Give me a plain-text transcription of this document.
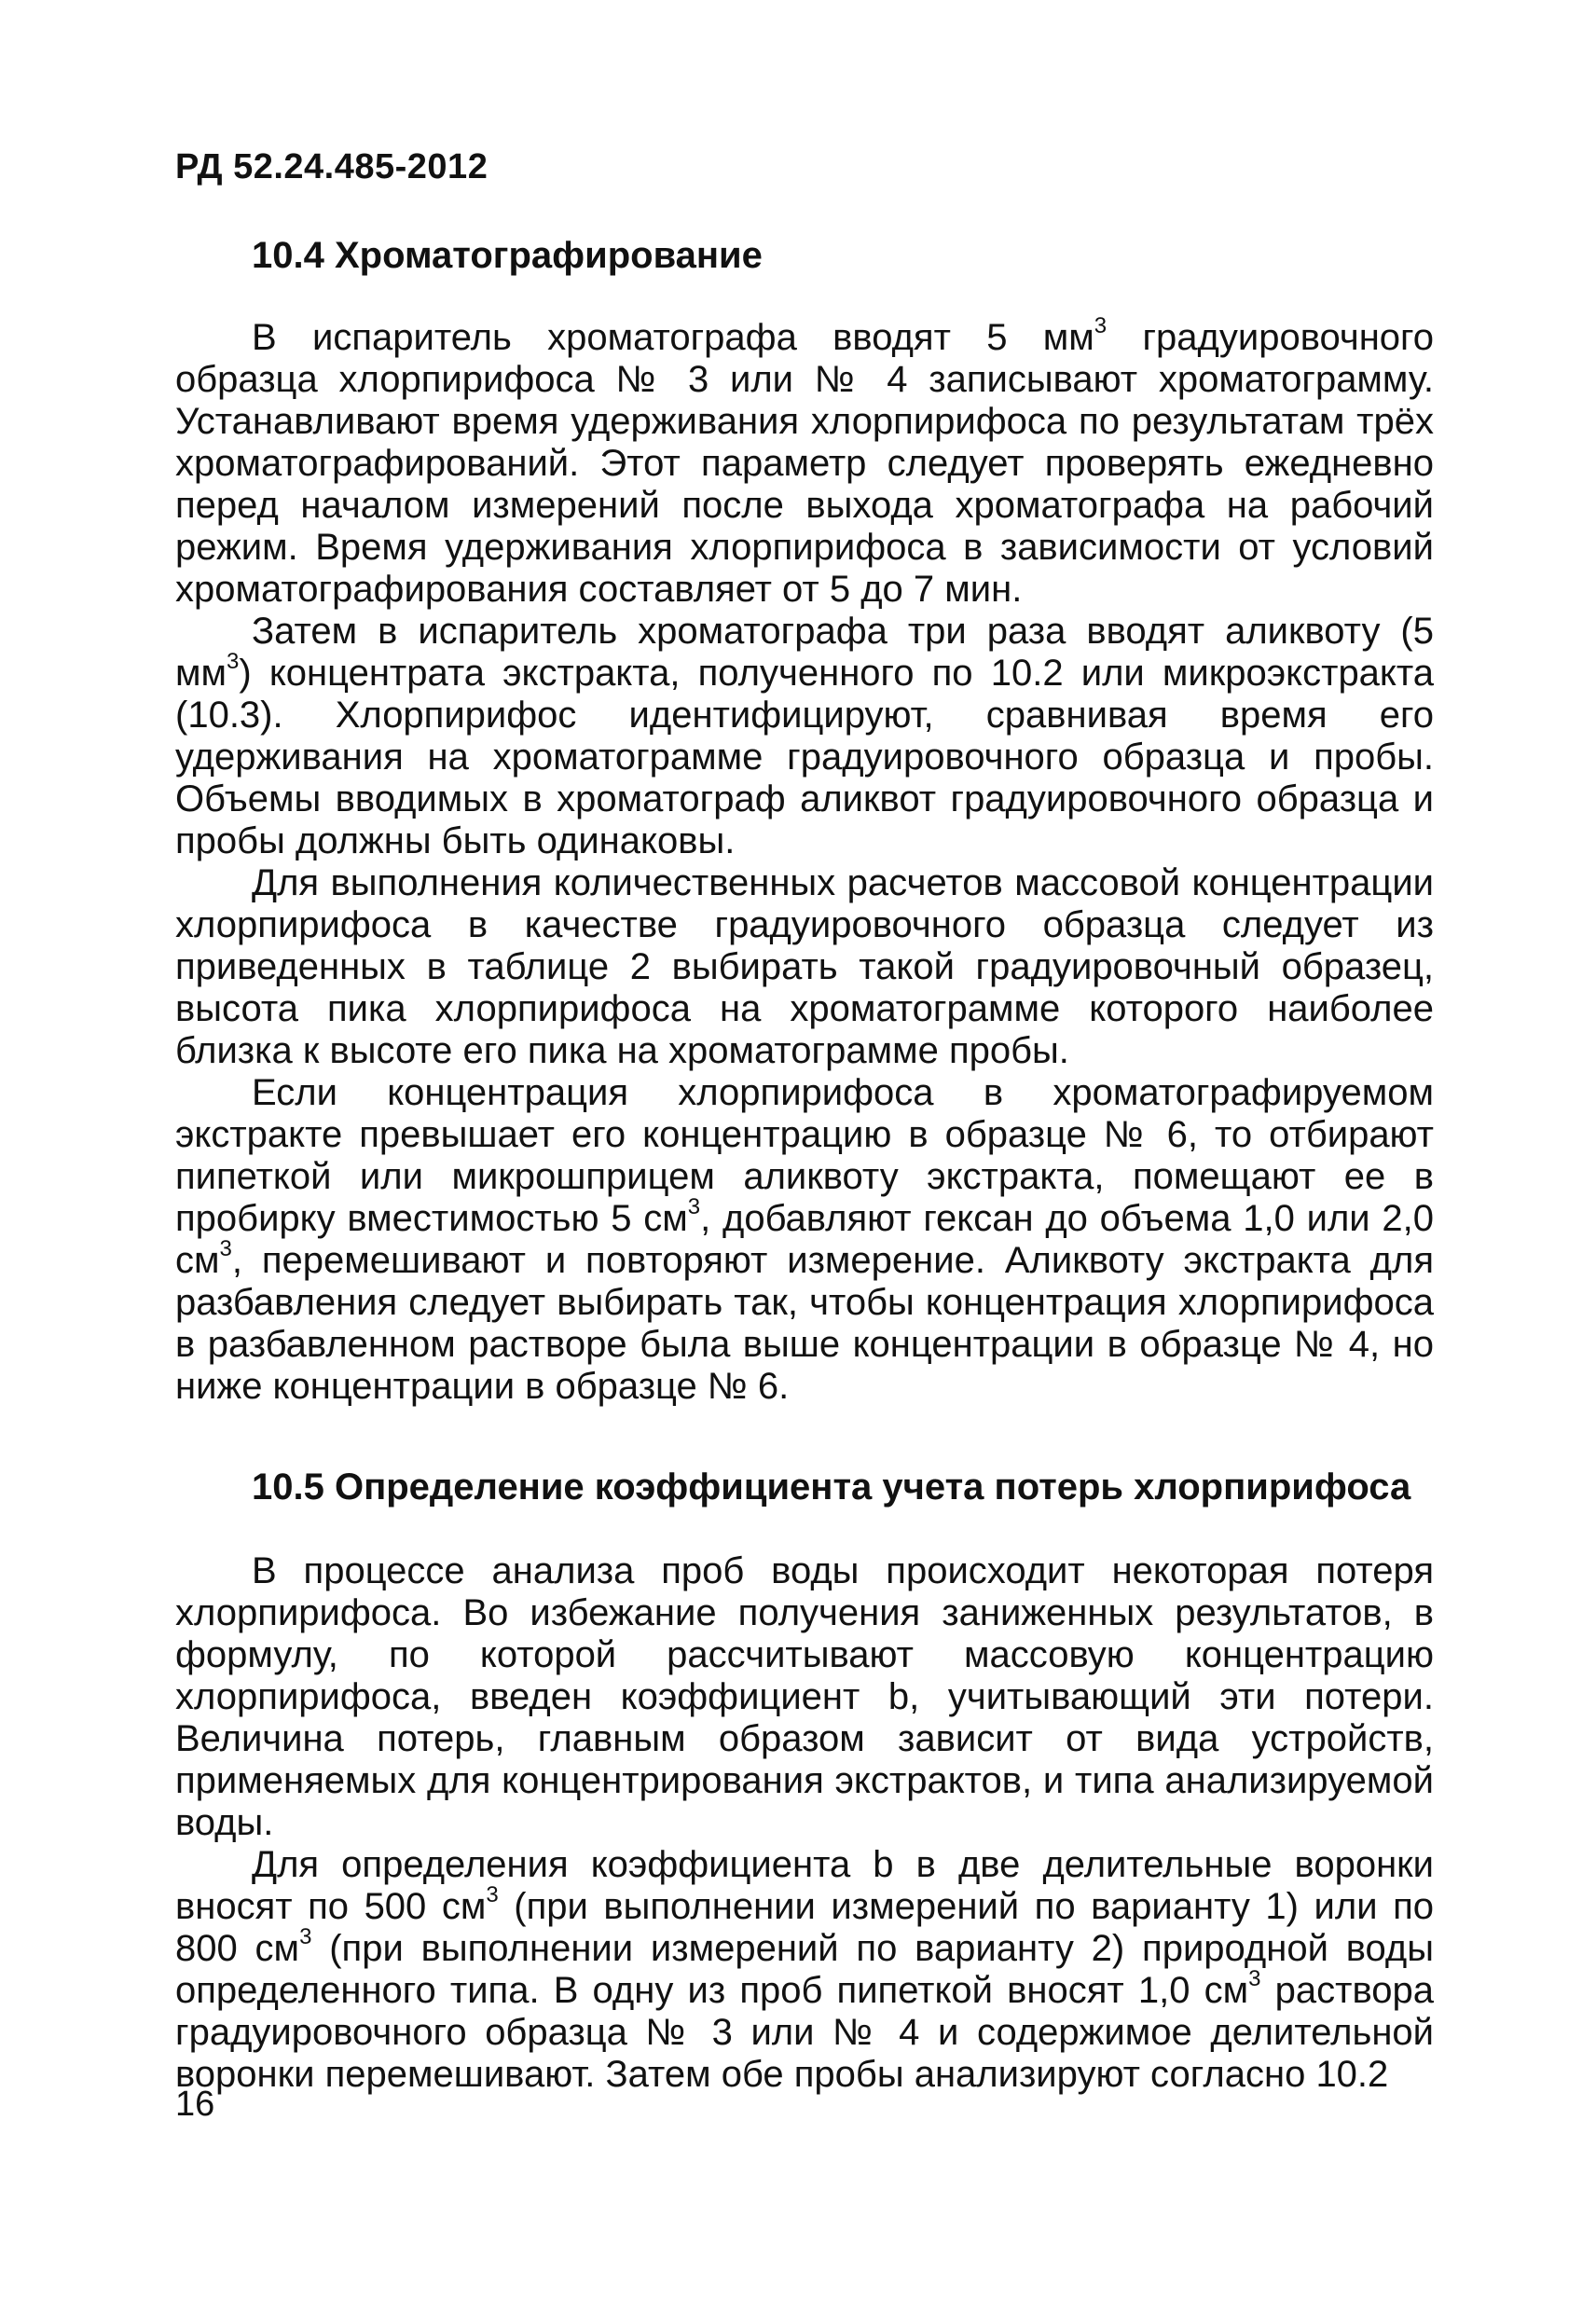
РД 52.24.485-2012
10.4 Хроматографирование

В испаритель хроматографа вводят 5 $мм^3$ градуировочного образца хлорпирифоса № 3 или № 4 записывают хроматограмму. Устанавливают время удерживания хлорпирифоса по результатам трёх хроматографирований. Этот параметр следует проверять ежедневно перед началом измерений после выхода хроматографа на рабочий режим. Время удерживания хлорпирифоса в зависимости от условий хроматографирования составляет от 5 до 7 мин.

Затем в испаритель хроматографа три раза вводят аликвоту (5 $мм^3$) концентрата экстракта, полученного по 10.2 или микроэкстракта (10.3). Хлорпирифос идентифицируют, сравнивая время его удерживания на хроматограмме градуировочного образца и пробы. Объемы вводимых в хроматограф аликвот градуировочного образца и пробы должны быть одинаковы.

Для выполнения количественных расчетов массовой концентрации хлорпирифоса в качестве градуировочного образца следует из приведенных в таблице 2 выбирать такой градуировочный образец, высота пика хлорпирифоса на хроматограмме которого наиболее близка к высоте его пика на хроматограмме пробы.

Если концентрация хлорпирифоса в хроматографируемом экстракте превышает его концентрацию в образце № 6, то отбирают пипеткой или микрошприцем аликвоту экстракта, помещают ее в пробирку вместимостью 5 $см^3$, добавляют гексан до объема 1,0 или 2,0 $см^3$, перемешивают и повторяют измерение. Аликвоту экстракта для разбавления следует выбирать так, чтобы концентрация хлорпирифоса в разбавленном растворе была выше концентрации в образце № 4, но ниже концентрации в образце № 6.

10.5 Определение коэффициента учета потерь хлорпирифоса

В процессе анализа проб воды происходит некоторая потеря хлорпирифоса. Во избежание получения заниженных результатов, в формулу, по которой рассчитывают массовую концентрацию хлорпирифоса, введен коэффициент b, учитывающий эти потери. Величина потерь, главным образом зависит от вида устройств, применяемых для концентрирования экстрактов, и типа анализируемой воды.

Для определения коэффициента b в две делительные воронки вносят по 500 $см^3$ (при выполнении измерений по варианту 1) или по 800 $см^3$ (при выполнении измерений по варианту 2) природной воды определенного типа. В одну из проб пипеткой вносят 1,0 $см^3$ раствора градуировочного образца № 3 или № 4 и содержимое делительной воронки перемешивают. Затем обе пробы анализируют согласно 10.2

16
